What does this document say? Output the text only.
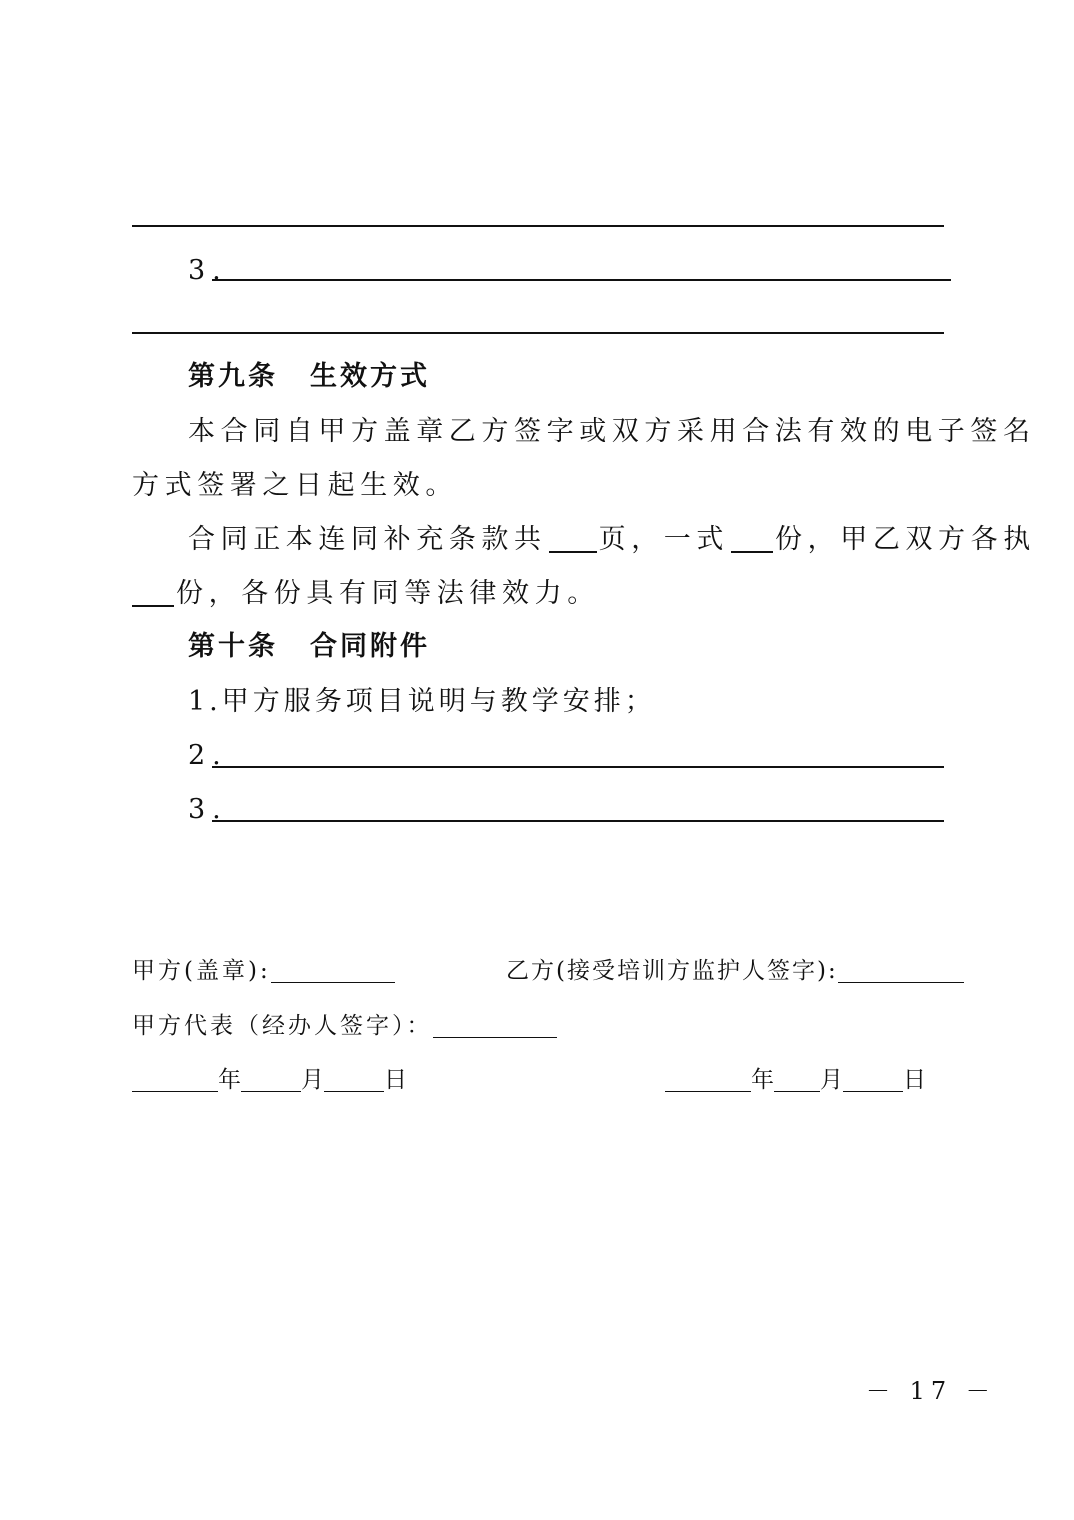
3.
第九条 生效方式
本合同自甲方盖章乙方签字或双方采用合法有效的电子签名
方式签署之日起生效。
合同正本连同补充条款共 页，一式 份，甲乙双方各执
份，各份具有同等法律效力。
第十条 合同附件
1.甲方服务项目说明与教学安排；
2.
3.
甲方(盖章):	乙方(接受培训方监护人签字):
甲方代表（经办人签字）：
年	月	日	年 月	日
－ 17 －
